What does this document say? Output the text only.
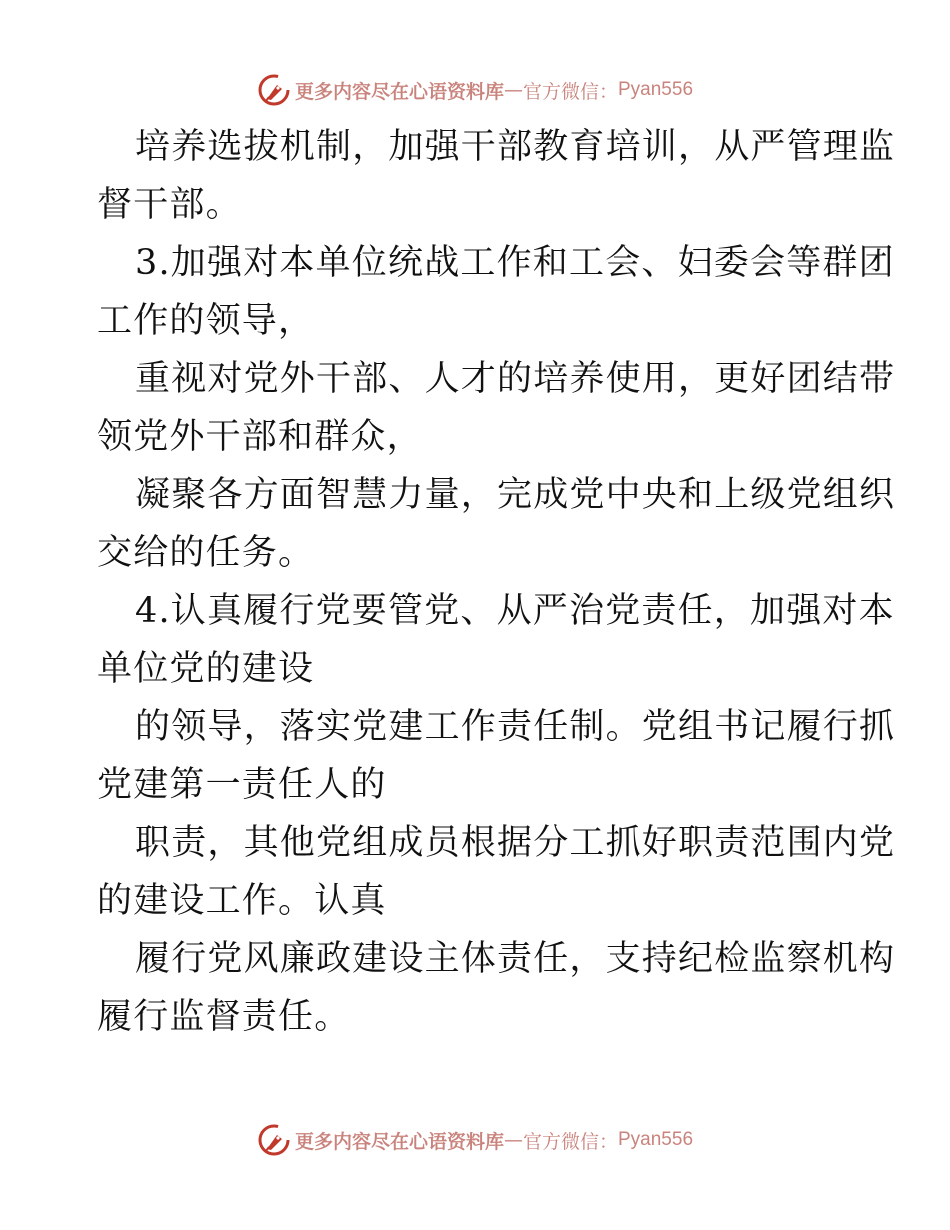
更多内容尽在心语资料库 — 官方微信： Pyan556
培养选拔机制，加强干部教育培训，从严管理监
督干部。
3.加强对本单位统战工作和工会、妇委会等群团
工作的领导，
重视对党外干部、人才的培养使用，更好团结带
领党外干部和群众，
凝聚各方面智慧力量，完成党中央和上级党组织
交给的任务。
4.认真履行党要管党、从严治党责任，加强对本
单位党的建设
的领导，落实党建工作责任制。党组书记履行抓
党建第一责任人的
职责，其他党组成员根据分工抓好职责范围内党
的建设工作。认真
履行党风廉政建设主体责任，支持纪检监察机构
履行监督责任。
更多内容尽在心语资料库 — 官方微信： Pyan556
